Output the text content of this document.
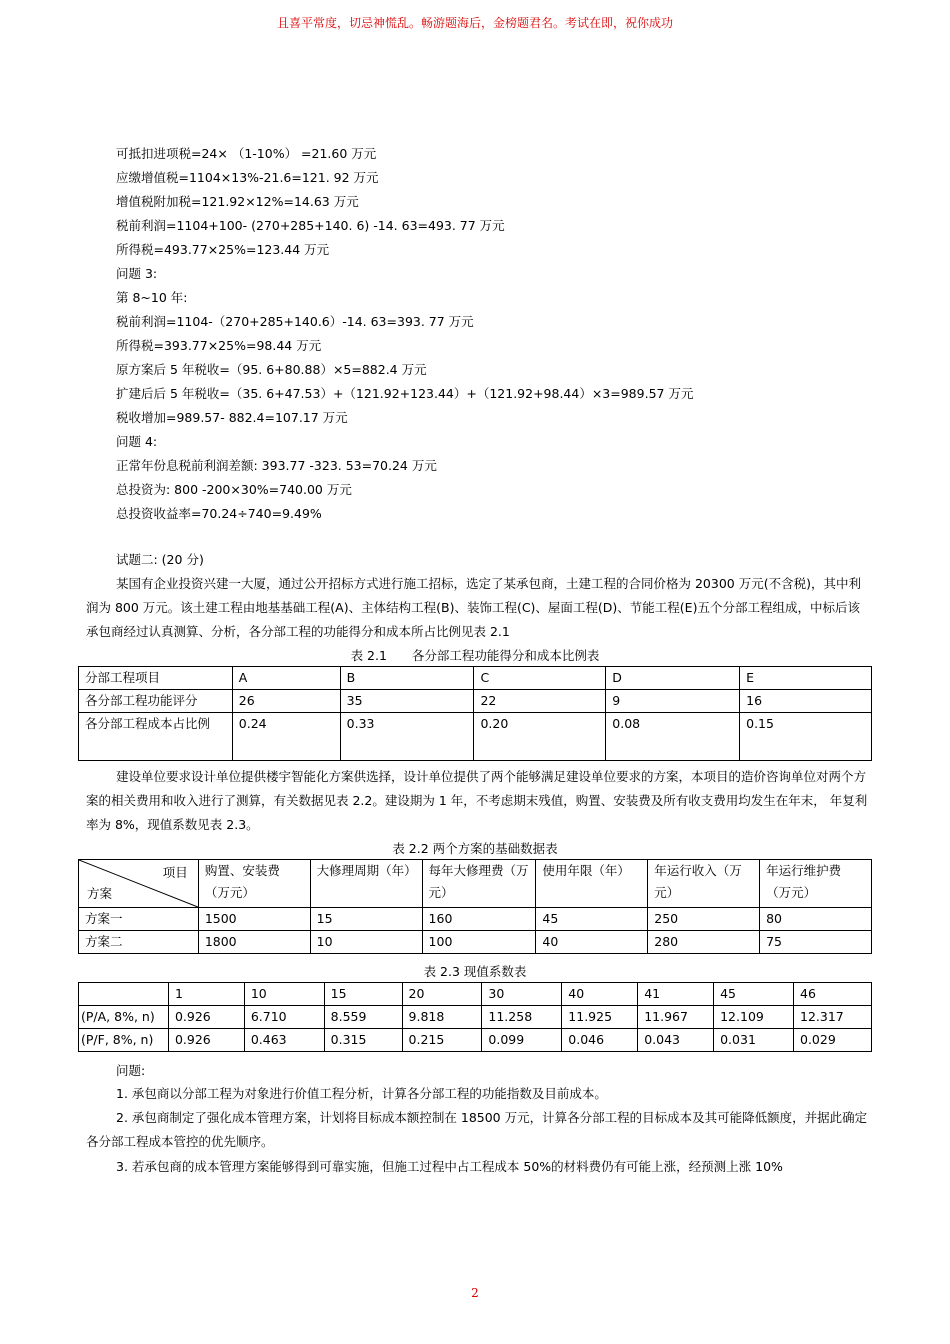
且喜平常度，切忌神慌乱。畅游题海后，金榜题君名。考试在即，祝你成功
可抵扣进项税=24× （1-10%） =21.60 万元
应缴增值税=1104×13%-21.6=121. 92 万元
增值税附加税=121.92×12%=14.63 万元
税前利润=1104+100- (270+285+140. 6) -14. 63=493. 77 万元
所得税=493.77×25%=123.44 万元
问题 3:
第 8~10 年:
税前利润=1104-（270+285+140.6）-14. 63=393. 77 万元
所得税=393.77×25%=98.44 万元
原方案后 5 年税收=（95. 6+80.88）×5=882.4 万元
扩建后后 5 年税收=（35. 6+47.53）+（121.92+123.44）+（121.92+98.44）×3=989.57 万元
税收增加=989.57- 882.4=107.17 万元
问题 4:
正常年份息税前利润差额: 393.77 -323. 53=70.24 万元
总投资为: 800 -200×30%=740.00 万元
总投资收益率=70.24÷740=9.49%
试题二: (20 分)
某国有企业投资兴建一大厦，通过公开招标方式进行施工招标，选定了某承包商，土建工程的合同价格为 20300 万元(不含税)，其中利润为 800 万元。该土建工程由地基基础工程(A)、主体结构工程(B)、装饰工程(C)、屋面工程(D)、节能工程(E)五个分部工程组成，中标后该承包商经过认真测算、分析，各分部工程的功能得分和成本所占比例见表 2.1
表 2.1　　各分部工程功能得分和成本比例表
分部工程项目	A	B	C	D	E
各分部工程功能评分	26	35	22	9	16
各分部工程成本占比例	0.24	0.33	0.20	0.08	0.15
建设单位要求设计单位提供楼宇智能化方案供选择，设计单位提供了两个能够满足建设单位要求的方案，本项目的造价咨询单位对两个方案的相关费用和收入进行了测算，有关数据见表 2.2。建设期为 1 年，不考虑期末残值，购置、安装费及所有收支费用均发生在年末， 年复利率为 8%，现值系数见表 2.3。
表 2.2 两个方案的基础数据表
项目
方案	购置、安装费（万元）	大修理周期（年）	每年大修理费（万元）	使用年限（年）	年运行收入（万元）	年运行维护费（万元）
方案一	1500	15	160	45	250	80
方案二	1800	10	100	40	280	75
表 2.3 现值系数表
	1	10	15	20	30	40	41	45	46
(P/A, 8%, n)	0.926	6.710	8.559	9.818	11.258	11.925	11.967	12.109	12.317
(P/F, 8%, n)	0.926	0.463	0.315	0.215	0.099	0.046	0.043	0.031	0.029
问题:
1. 承包商以分部工程为对象进行价值工程分析，计算各分部工程的功能指数及目前成本。
2. 承包商制定了强化成本管理方案，计划将目标成本额控制在 18500 万元，计算各分部工程的目标成本及其可能降低额度，并据此确定各分部工程成本管控的优先顺序。
3. 若承包商的成本管理方案能够得到可靠实施，但施工过程中占工程成本 50%的材料费仍有可能上涨，经预测上涨 10%
2
